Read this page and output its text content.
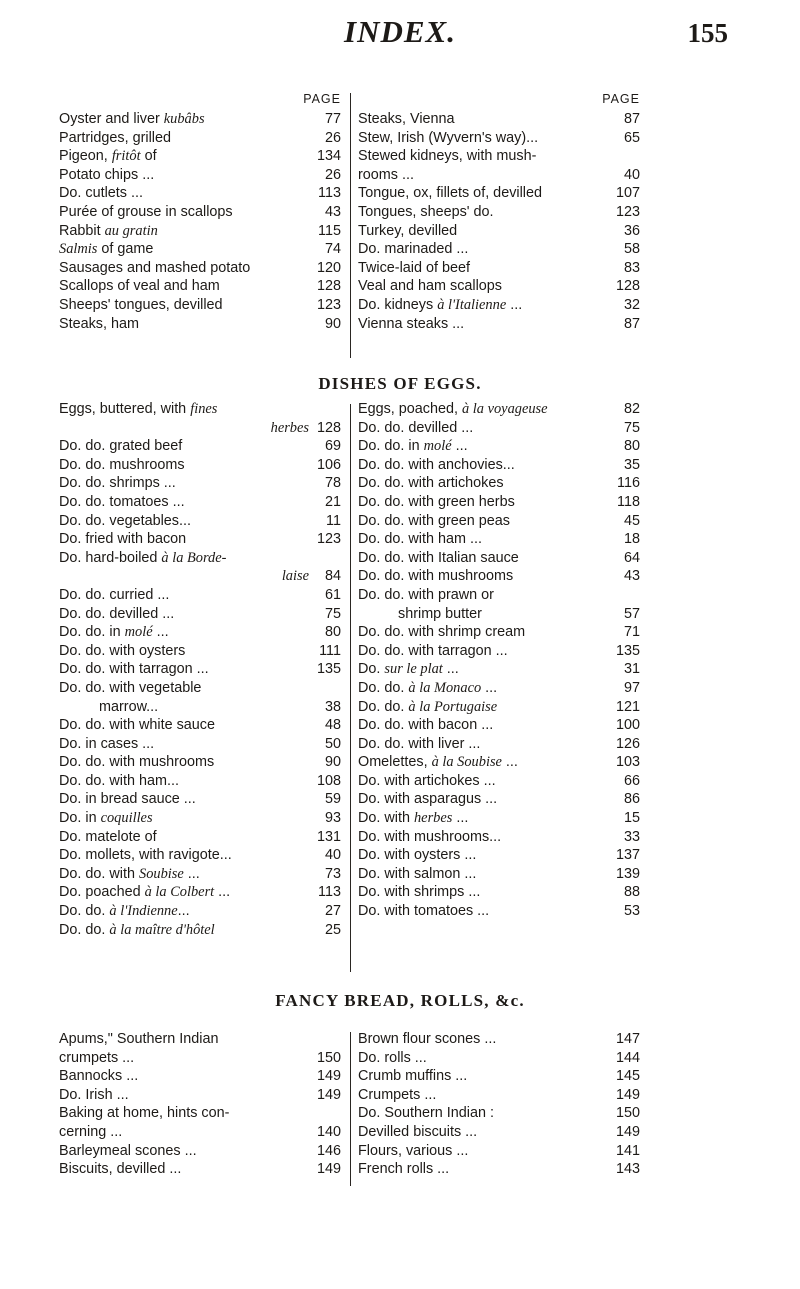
INDEX.	155
PAGE
Oyster and liver kubâbs	77
Partridges, grilled	26
Pigeon, fritôt of	134
Potato chips ...	26
Do. cutlets ...	113
Purée of grouse in scallops	43
Rabbit au gratin	115
Salmis of game	74
Sausages and mashed potato	120
Scallops of veal and ham	128
Sheeps' tongues, devilled	123
Steaks, ham	90
PAGE
Steaks, Vienna	87
Stew, Irish (Wyvern's way)...	65
Stewed kidneys, with mush-
rooms ...	40
Tongue, ox, fillets of, devilled	107
Tongues, sheeps' do.	123
Turkey, devilled	36
Do. marinaded ...	58
Twice-laid of beef	83
Veal and ham scallops	128
Do. kidneys à l'Italienne ...	32
Vienna steaks ...	87
DISHES OF EGGS.
Eggs, buttered, with fines
herbes 128
Do. do. grated beef	69
Do. do. mushrooms	106
Do. do. shrimps ...	78
Do. do. tomatoes ...	21
Do. do. vegetables...	11
Do. fried with bacon	123
Do. hard-boiled à la Borde-
laise 84
Do. do. curried ...	61
Do. do. devilled ...	75
Do. do. in molé ...	80
Do. do. with oysters	111
Do. do. with tarragon ...	135
Do. do. with vegetable
marrow...	38
Do. do. with white sauce	48
Do. in cases ...	50
Do. do. with mushrooms	90
Do. do. with ham...	108
Do. in bread sauce ...	59
Do. in coquilles	93
Do. matelote of	131
Do. mollets, with ravigote...	40
Do. do. with Soubise ...	73
Do. poached à la Colbert ...	113
Do. do. à l'Indienne...	27
Do. do. à la maître d'hôtel	25
Eggs, poached, à la voyageuse	82
Do. do. devilled ...	75
Do. do. in molé ...	80
Do. do. with anchovies...	35
Do. do. with artichokes	116
Do. do. with green herbs	118
Do. do. with green peas	45
Do. do. with ham ...	18
Do. do. with Italian sauce	64
Do. do. with mushrooms	43
Do. do. with prawn or
shrimp butter	57
Do. do. with shrimp cream	71
Do. do. with tarragon ...	135
Do. sur le plat ...	31
Do. do. à la Monaco ...	97
Do. do. à la Portugaise	121
Do. do. with bacon ...	100
Do. do. with liver ...	126
Omelettes, à la Soubise ...	103
Do. with artichokes ...	66
Do. with asparagus ...	86
Do. with herbes ...	15
Do. with mushrooms...	33
Do. with oysters ...	137
Do. with salmon ...	139
Do. with shrimps ...	88
Do. with tomatoes ...	53
FANCY BREAD, ROLLS, &c.
Apums," Southern Indian
crumpets ...	150
Bannocks ...	149
Do. Irish ...	149
Baking at home, hints con-
cerning ...	140
Barleymeal scones ...	146
Biscuits, devilled ...	149
Brown flour scones ...	147
Do. rolls ...	144
Crumb muffins ...	145
Crumpets ...	149
Do. Southern Indian :	150
Devilled biscuits ...	149
Flours, various ...	141
French rolls ...	143
